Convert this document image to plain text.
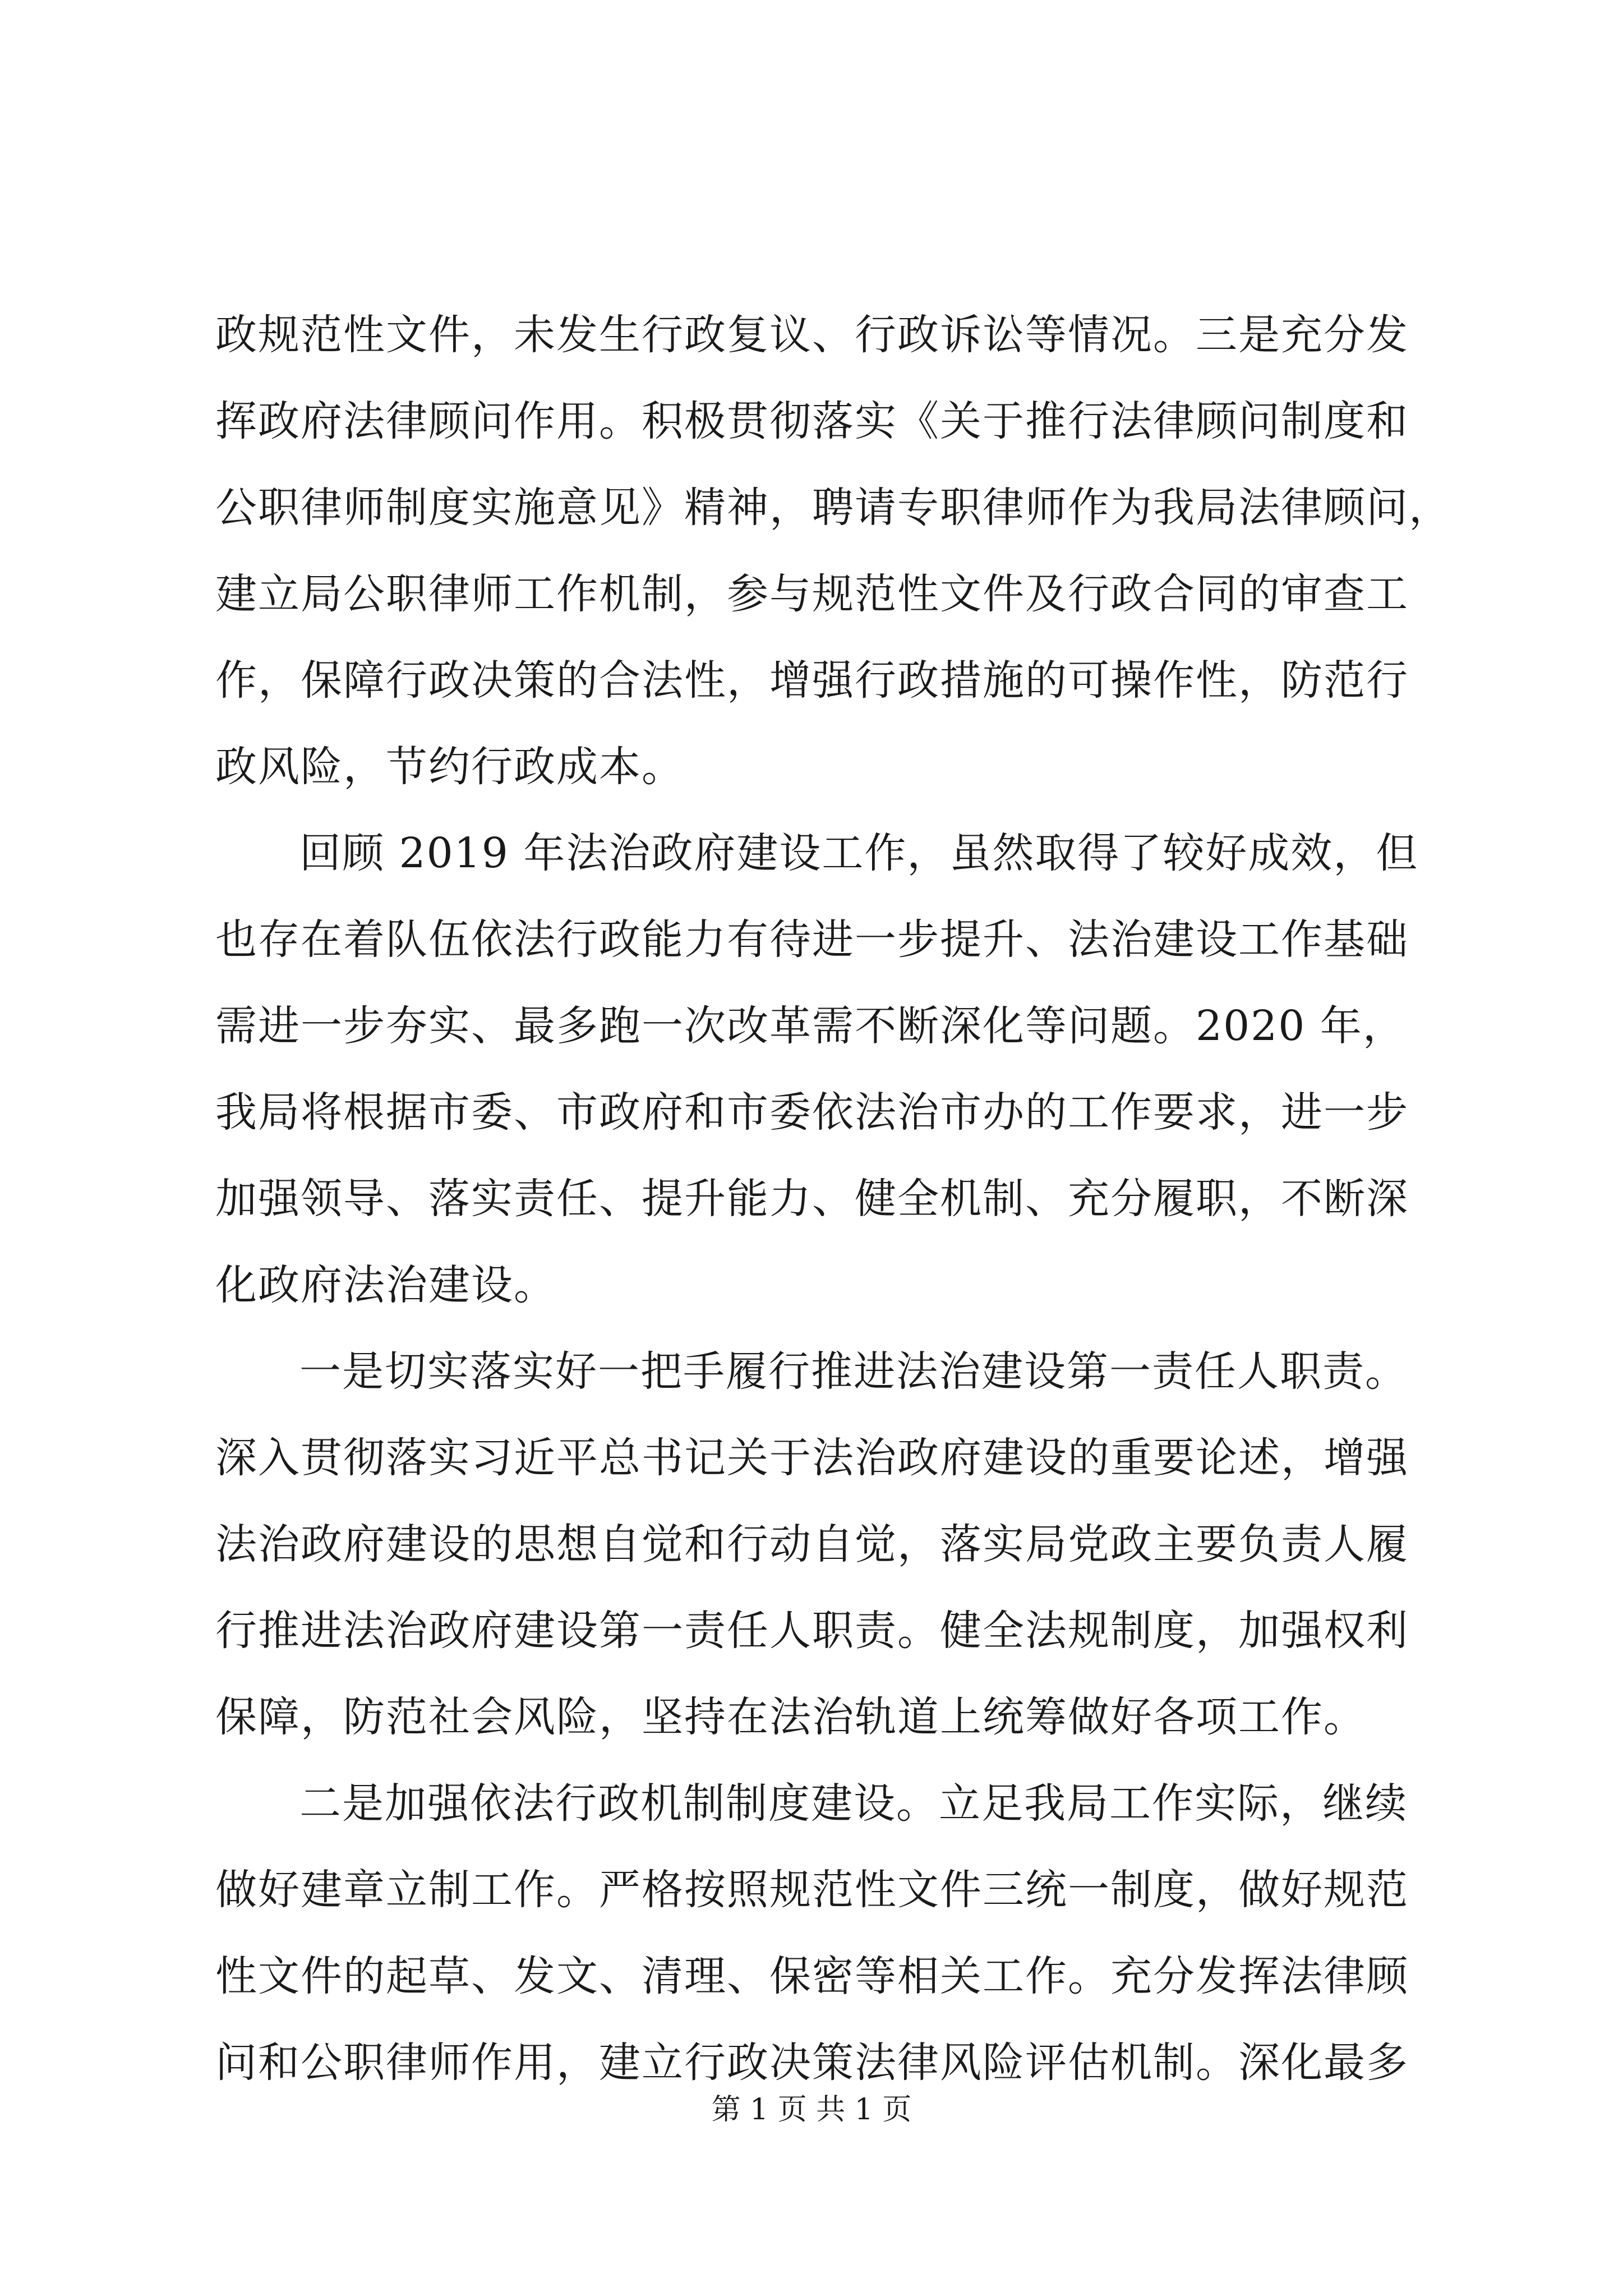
政规范性文件，未发生行政复议、行政诉讼等情况。三是充分发
挥政府法律顾问作用。积极贯彻落实《关于推行法律顾问制度和
公职律师制度实施意见》精神，聘请专职律师作为我局法律顾问，
建立局公职律师工作机制，参与规范性文件及行政合同的审查工
作，保障行政决策的合法性，增强行政措施的可操作性，防范行
政风险，节约行政成本。
回顾 2019 年法治政府建设工作，虽然取得了较好成效，但
也存在着队伍依法行政能力有待进一步提升、法治建设工作基础
需进一步夯实、最多跑一次改革需不断深化等问题。2020 年，
我局将根据市委、市政府和市委依法治市办的工作要求，进一步
加强领导、落实责任、提升能力、健全机制、充分履职，不断深
化政府法治建设。
一是切实落实好一把手履行推进法治建设第一责任人职责。
深入贯彻落实习近平总书记关于法治政府建设的重要论述，增强
法治政府建设的思想自觉和行动自觉，落实局党政主要负责人履
行推进法治政府建设第一责任人职责。健全法规制度，加强权利
保障，防范社会风险，坚持在法治轨道上统筹做好各项工作。
二是加强依法行政机制制度建设。立足我局工作实际，继续
做好建章立制工作。严格按照规范性文件三统一制度，做好规范
性文件的起草、发文、清理、保密等相关工作。充分发挥法律顾
问和公职律师作用，建立行政决策法律风险评估机制。深化最多
第 1 页 共 1 页
